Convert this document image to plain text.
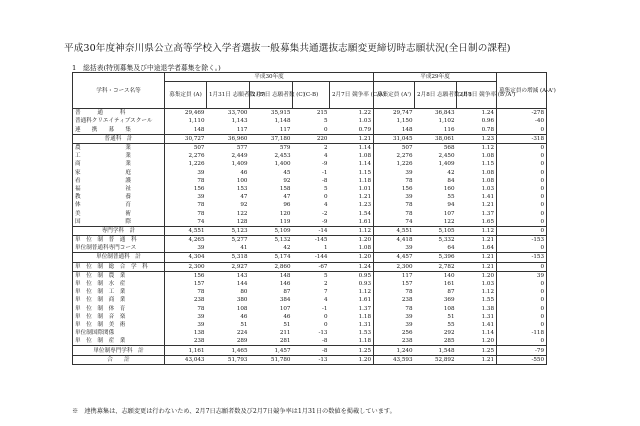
平成30年度神奈川県公立高等学校入学者選抜一般募集共通選抜志願変更締切時志願状況(全日制の課程)
1　総括表(特別募集及び中途退学者募集を除く。)
学科・コース名等	平成30年度					平成29年度			募集定員の増減 (A-A')
	募集定員 (A)	1月31日 志願者数 (B)	2月7日 志願者数 (C)	(C-B)	2月7日 競争率 (C/A)	募集定員 (A')	2月8日 志願者数 (B')	2月8日 競争率 (B'/A')	
普　　　通　　　科	29,469	33,700	35,915	215	1.22	29,747	36,843	1.24	-278
普通科クリエイティブスクール	1,110	1,143	1,148	5	1.03	1,150	1,102	0.96	-40
連　　携　　募　　集	148	117	117	0	0.79	148	116	0.78	0
普通科　計	30,727	36,960	37,180	220	1.21	31,045	38,061	1.23	-318
農　　　　　　　　業	507	577	579	2	1.14	507	568	1.12	0
工　　　　　　　　業	2,276	2,449	2,453	4	1.08	2,276	2,450	1.08	0
商　　　　　　　　業	1,226	1,409	1,400	-9	1.14	1,226	1,409	1.15	0
家　　　　　　　　庭	39	46	45	-1	1.15	39	42	1.08	0
看　　　　　　　　護	78	100	92	-8	1.18	78	84	1.08	0
福　　　　　　　　祉	156	153	158	5	1.01	156	160	1.03	0
教　　　　　　　　養	39	47	47	0	1.21	39	55	1.41	0
体　　　　　　　　育	78	92	96	4	1.23	78	94	1.21	0
美　　　　　　　　術	78	122	120	-2	1.54	78	107	1.37	0
国　　　　　　　　際	74	128	119	-9	1.61	74	122	1.65	0
専門学科　計	4,551	5,123	5,109	-14	1.12	4,551	5,105	1.12	0
単　位　制　普　通　科	4,265	5,277	5,132	-145	1.20	4,418	5,332	1.21	-153
単位制普通科専門コース	39	41	42	1	1.08	39	64	1.64	0
単位制普通科　計	4,304	5,318	5,174	-144	1.20	4,457	5,396	1.21	-153
単　位　制　総　合　学　科	2,300	2,927	2,860	-67	1.24	2,300	2,782	1.21	0
単　位　制　農　業	156	143	148	5	0.95	117	140	1.20	39
単　位　制　水　産	157	144	146	2	0.93	157	161	1.03	0
単　位　制　工　業	78	80	87	7	1.12	78	87	1.12	0
単　位　制　商　業	238	380	384	4	1.61	238	369	1.55	0
単　位　制　体　育	78	108	107	-1	1.37	78	108	1.38	0
単　位　制　音　楽	39	46	46	0	1.18	39	51	1.31	0
単　位　制　美　術	39	51	51	0	1.31	39	55	1.41	0
単位制国際関係	138	224	211	-13	1.53	256	292	1.14	-118
単　位　制　産　業	238	289	281	-8	1.18	238	285	1.20	0
単位制専門学科　計	1,161	1,465	1,457	-8	1.25	1,240	1,548	1.25	-79
合　　計	43,043	51,793	51,780	-13	1.20	43,593	52,892	1.21	-550
※　連携募集は、志願変更は行わないため、2月7日志願者数及び2月7日競争率は1月31日の数値を掲載しています。
